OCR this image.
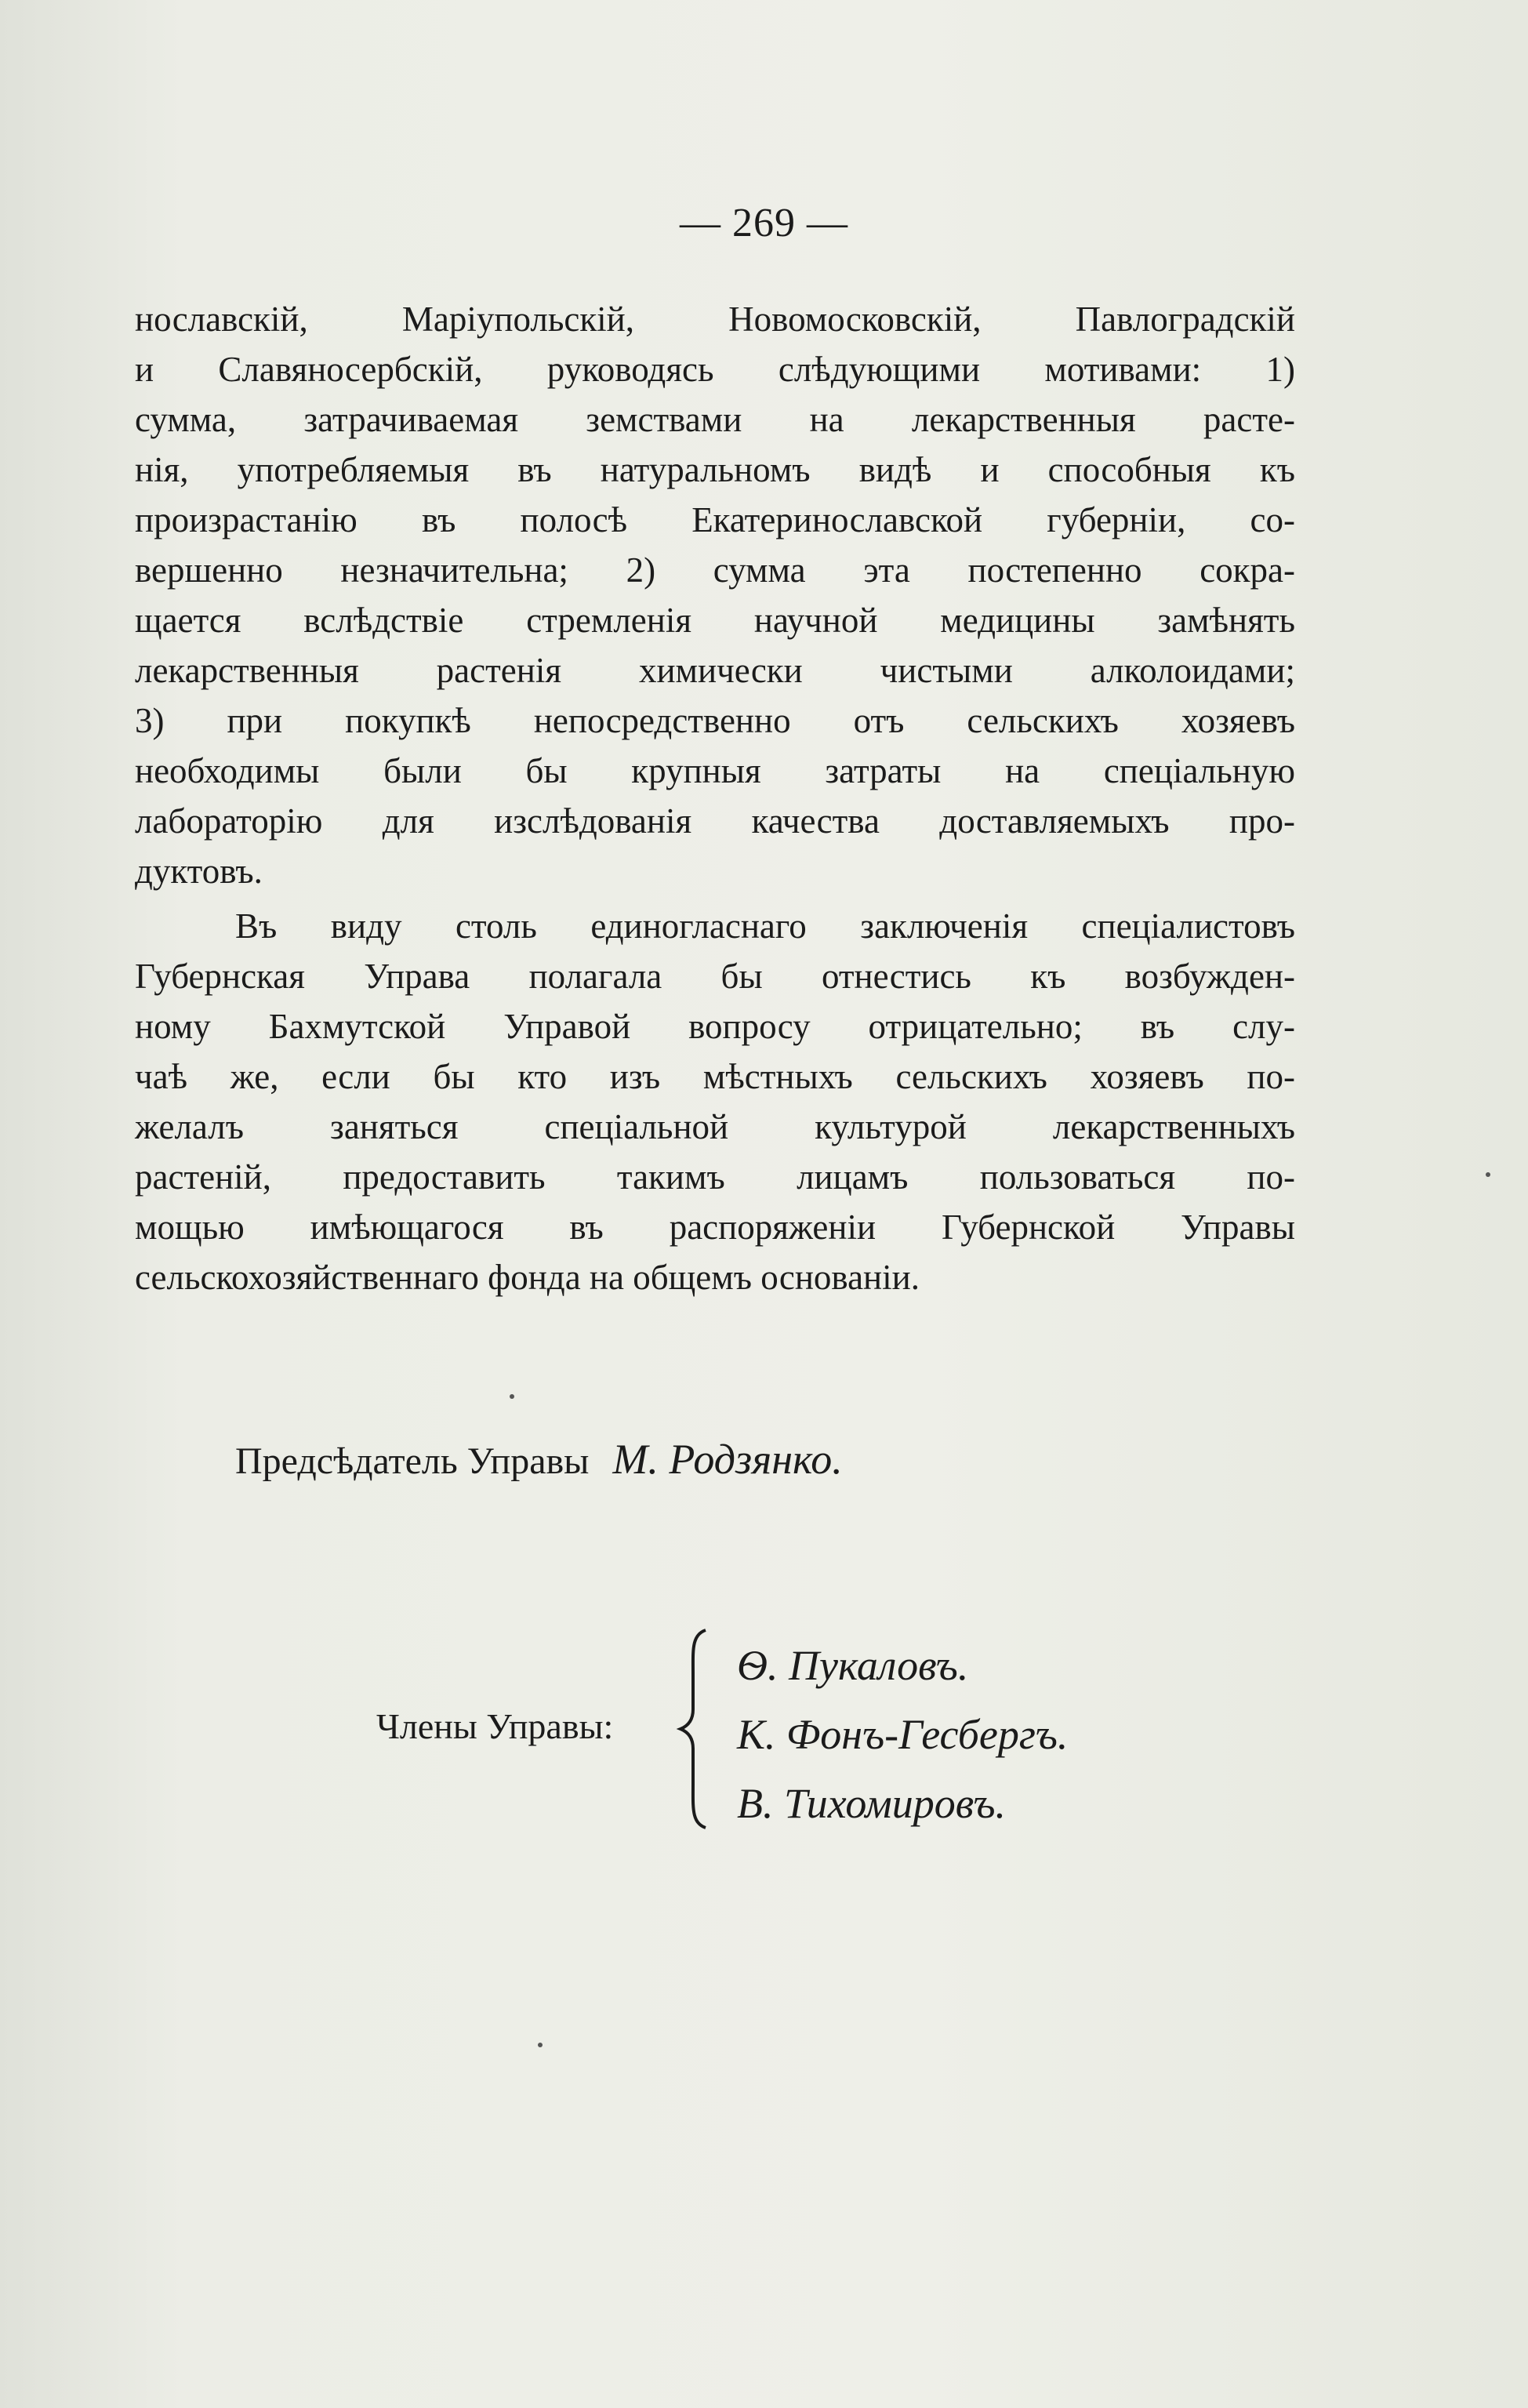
— 269 —
нославскiй, Марiупольскiй, Новомосковскiй, Павлоградскiй
и Славяносербскiй, руководясь слѣдующими мотивами: 1)
сумма, затрачиваемая земствами на лекарственныя расте-
нiя, употребляемыя въ натуральномъ видѣ и способныя къ
произрастанiю въ полосѣ Екатеринославской губернiи, со-
вершенно незначительна; 2) сумма эта постепенно сокра-
щается вслѣдствiе стремленiя научной медицины замѣнять
лекарственныя растенiя химически чистыми алколоидами;
3) при покупкѣ непосредственно отъ сельскихъ хозяевъ
необходимы были бы крупныя затраты на спецiальную
лабораторiю для изслѣдованiя качества доставляемыхъ про-
дуктовъ.
Въ виду столь единогласнаго заключенiя спецiалистовъ
Губернская Управа полагала бы отнестись къ возбужден-
ному Бахмутской Управой вопросу отрицательно; въ слу-
чаѣ же, если бы кто изъ мѣстныхъ сельскихъ хозяевъ по-
желалъ заняться спецiальной культурой лекарственныхъ
растенiй, предоставить такимъ лицамъ пользоваться по-
мощью имѣющагося въ распоряженiи Губернской Управы
сельскохозяйственнаго фонда на общемъ основанiи.
Предсѣдатель Управы М. Родзянко.
Члены Управы:
Ѳ. Пукаловъ.
К. Фонъ-Гесбергъ.
В. Тихомировъ.
